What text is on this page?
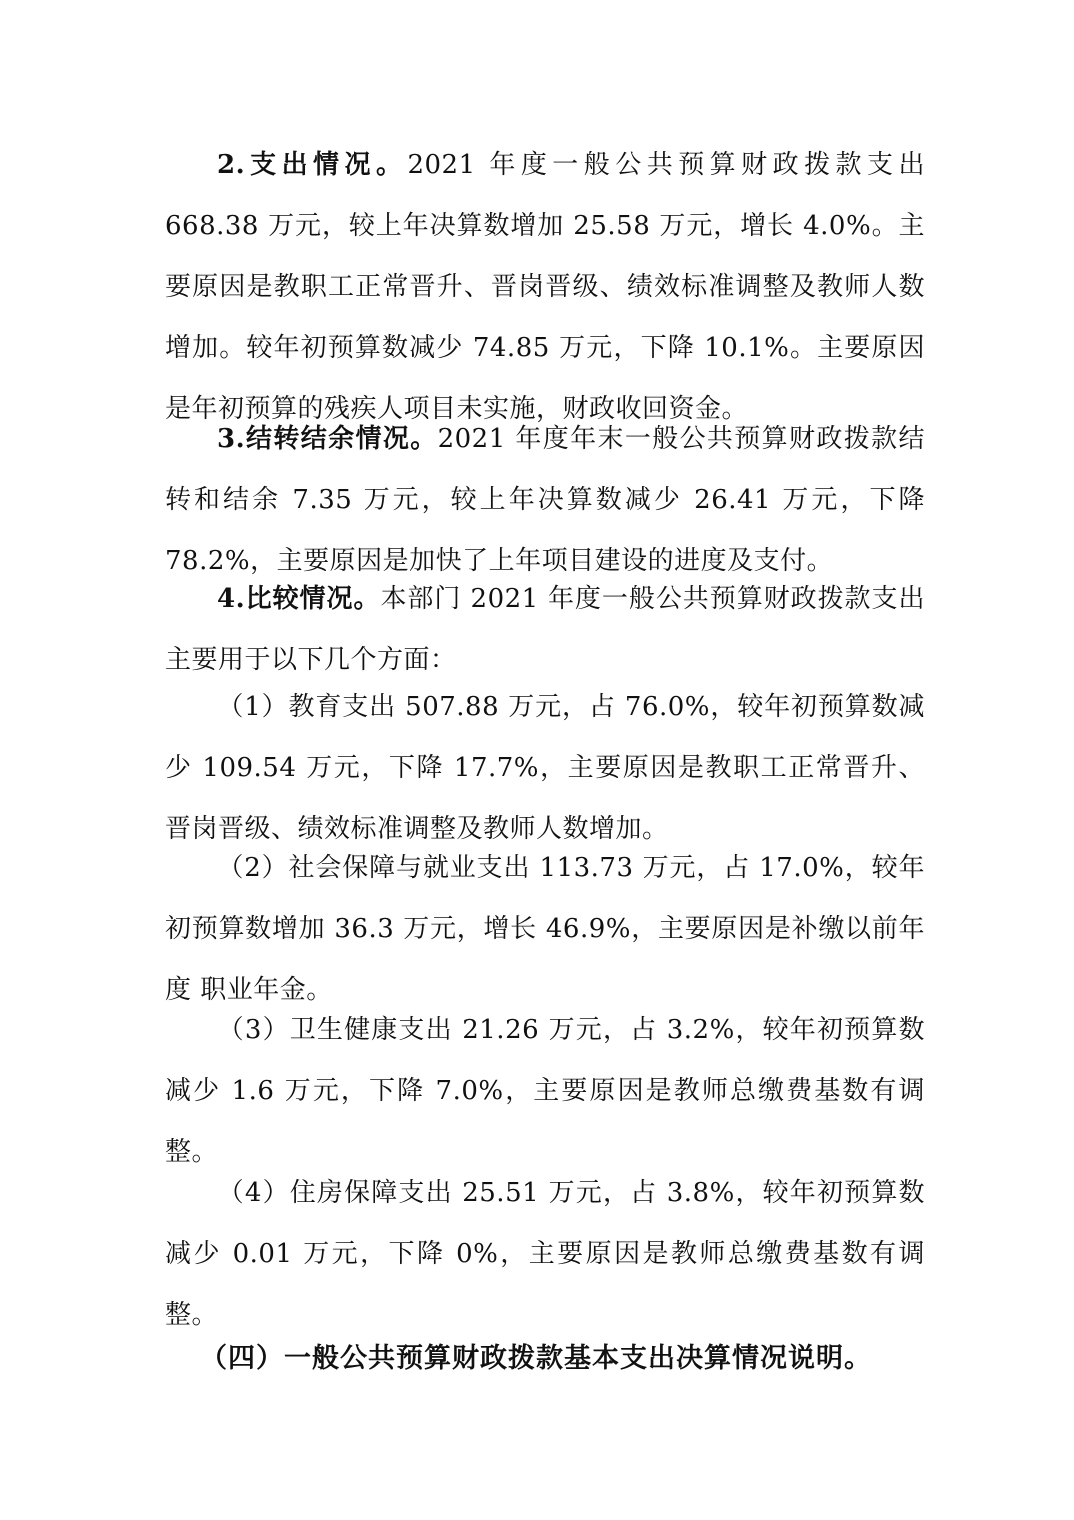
2.支出情况。2021 年度一般公共预算财政拨款支出 668.38 万元，较上年决算数增加 25.58 万元，增长 4.0%。主要原因是教职工正常晋升、晋岗晋级、绩效标准调整及教师人数增加。较年初预算数减少 74.85 万元，下降 10.1%。主要原因是年初预算的残疾人项目未实施，财政收回资金。

3.结转结余情况。2021 年度年末一般公共预算财政拨款结转和结余 7.35 万元，较上年决算数减少 26.41 万元，下降 78.2%，主要原因是加快了上年项目建设的进度及支付。

4.比较情况。本部门 2021 年度一般公共预算财政拨款支出主要用于以下几个方面：

（1）教育支出 507.88 万元，占 76.0%，较年初预算数减少 109.54 万元，下降 17.7%，主要原因是教职工正常晋升、晋岗晋级、绩效标准调整及教师人数增加。

（2）社会保障与就业支出 113.73 万元，占 17.0%，较年初预算数增加 36.3 万元，增长 46.9%，主要原因是补缴以前年度 职业年金。

（3）卫生健康支出 21.26 万元，占 3.2%，较年初预算数减少 1.6 万元，下降 7.0%，主要原因是教师总缴费基数有调整。

（4）住房保障支出 25.51 万元，占 3.8%，较年初预算数减少 0.01 万元，下降 0%，主要原因是教师总缴费基数有调整。

（四）一般公共预算财政拨款基本支出决算情况说明。
